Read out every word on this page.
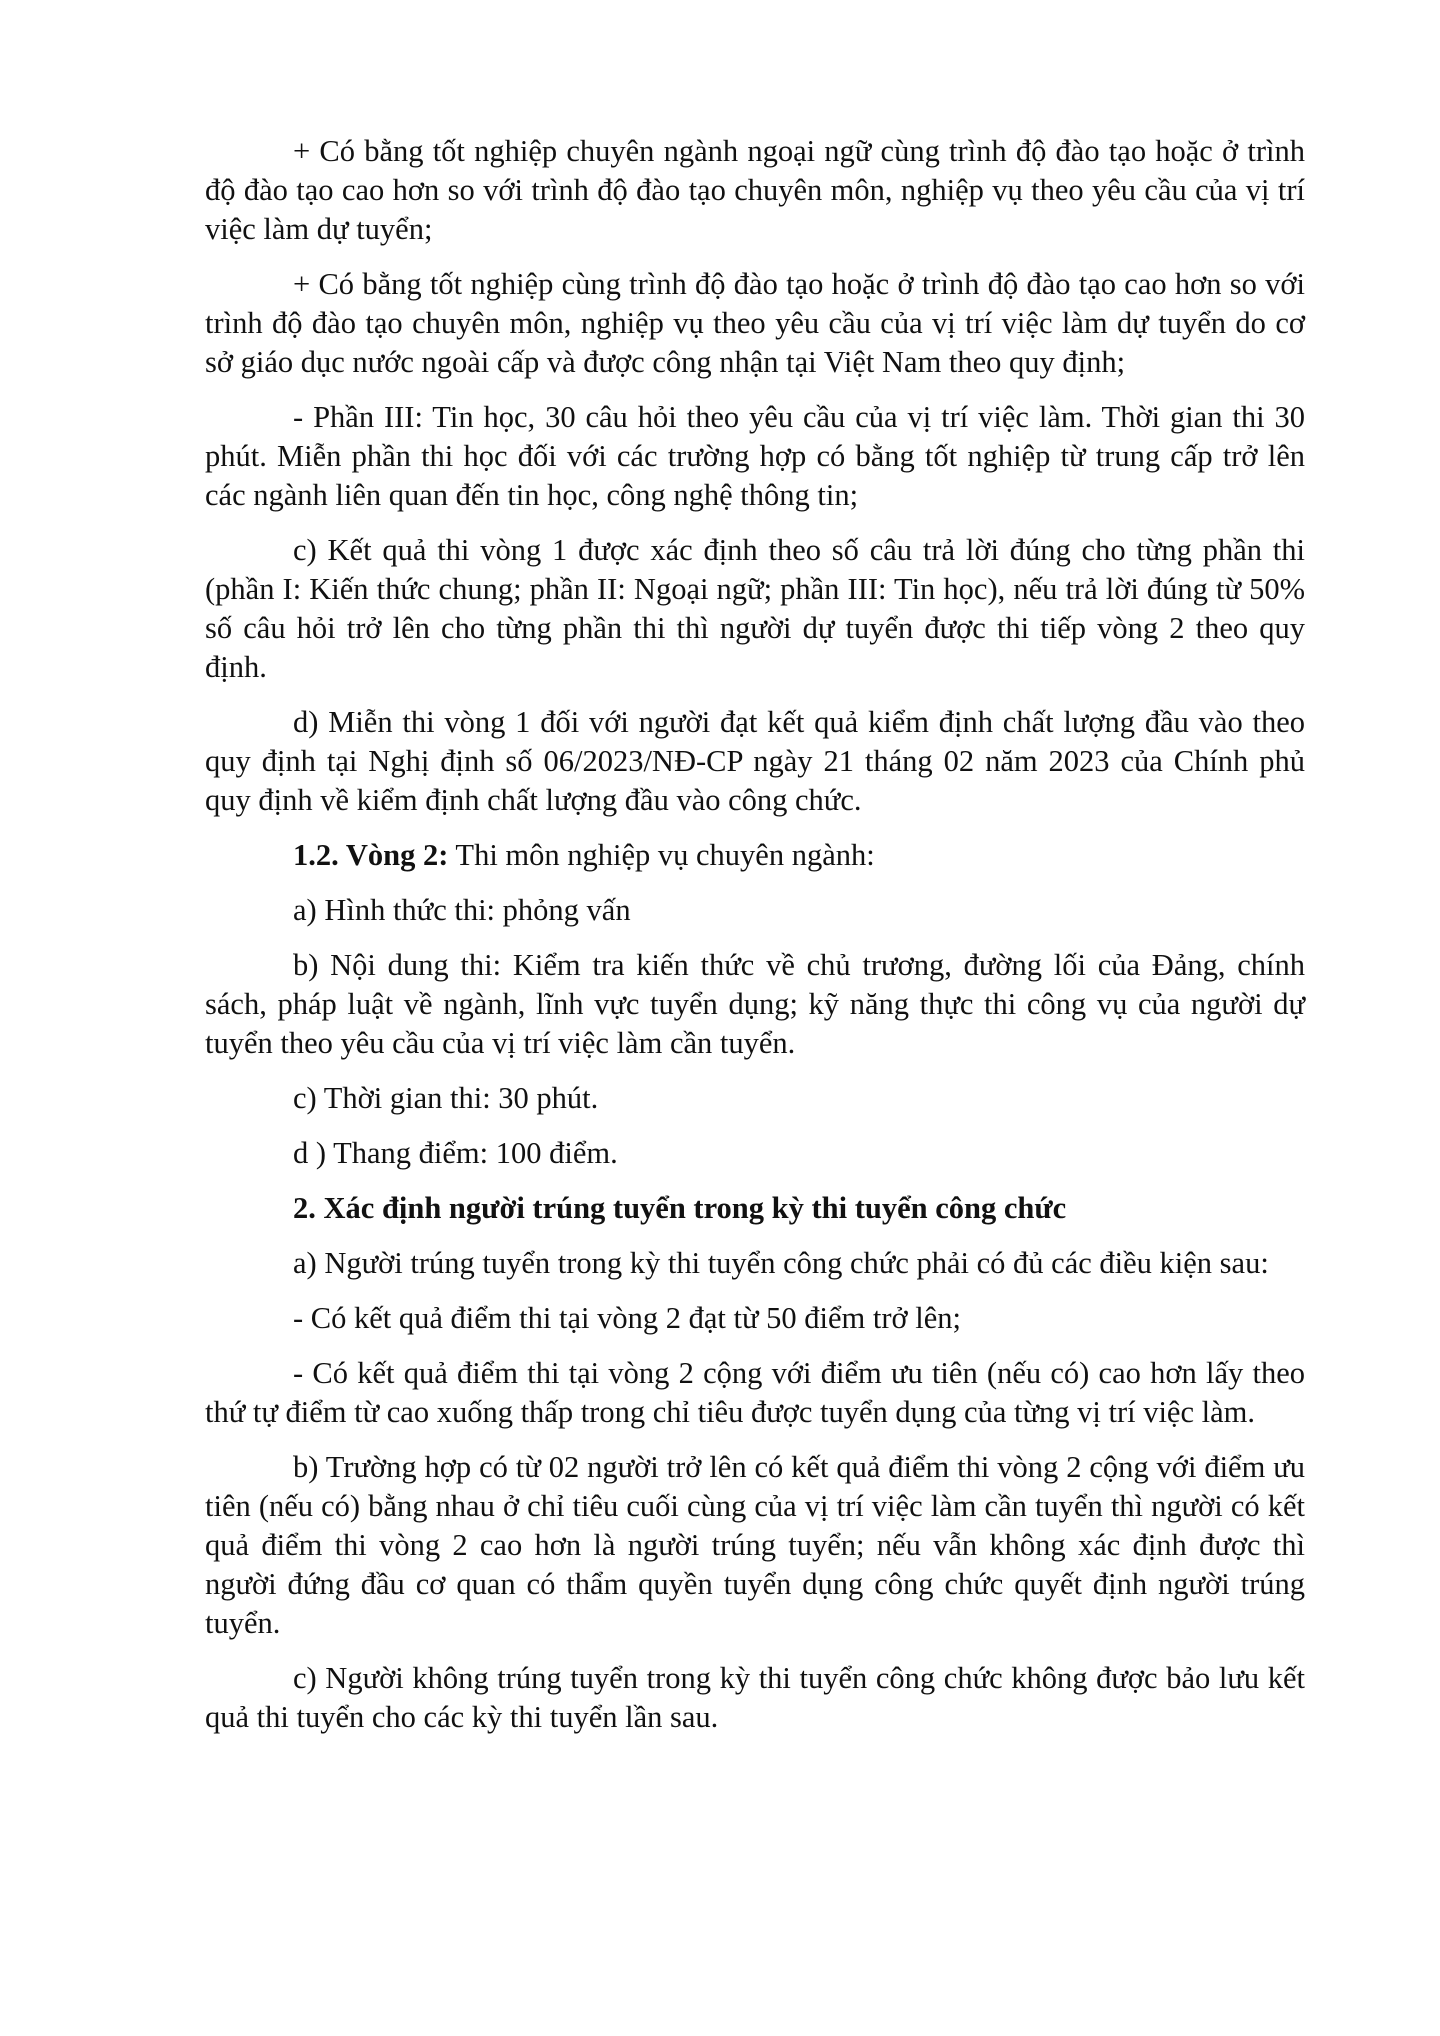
+ Có bằng tốt nghiệp chuyên ngành ngoại ngữ cùng trình độ đào tạo hoặc ở trình độ đào tạo cao hơn so với trình độ đào tạo chuyên môn, nghiệp vụ theo yêu cầu của vị trí việc làm dự tuyển;

+ Có bằng tốt nghiệp cùng trình độ đào tạo hoặc ở trình độ đào tạo cao hơn so với trình độ đào tạo chuyên môn, nghiệp vụ theo yêu cầu của vị trí việc làm dự tuyển do cơ sở giáo dục nước ngoài cấp và được công nhận tại Việt Nam theo quy định;

- Phần III: Tin học, 30 câu hỏi theo yêu cầu của vị trí việc làm. Thời gian thi 30 phút. Miễn phần thi học đối với các trường hợp có bằng tốt nghiệp từ trung cấp trở lên các ngành liên quan đến tin học, công nghệ thông tin;

c) Kết quả thi vòng 1 được xác định theo số câu trả lời đúng cho từng phần thi (phần I: Kiến thức chung; phần II: Ngoại ngữ; phần III: Tin học), nếu trả lời đúng từ 50% số câu hỏi trở lên cho từng phần thi thì người dự tuyển được thi tiếp vòng 2 theo quy định.

d) Miễn thi vòng 1 đối với người đạt kết quả kiểm định chất lượng đầu vào theo quy định tại Nghị định số 06/2023/NĐ-CP ngày 21 tháng 02 năm 2023 của Chính phủ quy định về kiểm định chất lượng đầu vào công chức.

1.2. Vòng 2: Thi môn nghiệp vụ chuyên ngành:

a) Hình thức thi: phỏng vấn

b) Nội dung thi: Kiểm tra kiến thức về chủ trương, đường lối của Đảng, chính sách, pháp luật về ngành, lĩnh vực tuyển dụng; kỹ năng thực thi công vụ của người dự tuyển theo yêu cầu của vị trí việc làm cần tuyển.

c) Thời gian thi: 30 phút.

d ) Thang điểm: 100 điểm.

2. Xác định người trúng tuyển trong kỳ thi tuyển công chức

a) Người trúng tuyển trong kỳ thi tuyển công chức phải có đủ các điều kiện sau:

- Có kết quả điểm thi tại vòng 2 đạt từ 50 điểm trở lên;

- Có kết quả điểm thi tại vòng 2 cộng với điểm ưu tiên (nếu có) cao hơn lấy theo thứ tự điểm từ cao xuống thấp trong chỉ tiêu được tuyển dụng của từng vị trí việc làm.

b) Trường hợp có từ 02 người trở lên có kết quả điểm thi vòng 2 cộng với điểm ưu tiên (nếu có) bằng nhau ở chỉ tiêu cuối cùng của vị trí việc làm cần tuyển thì người có kết quả điểm thi vòng 2 cao hơn là người trúng tuyển; nếu vẫn không xác định được thì người đứng đầu cơ quan có thẩm quyền tuyển dụng công chức quyết định người trúng tuyển.

c) Người không trúng tuyển trong kỳ thi tuyển công chức không được bảo lưu kết quả thi tuyển cho các kỳ thi tuyển lần sau.
